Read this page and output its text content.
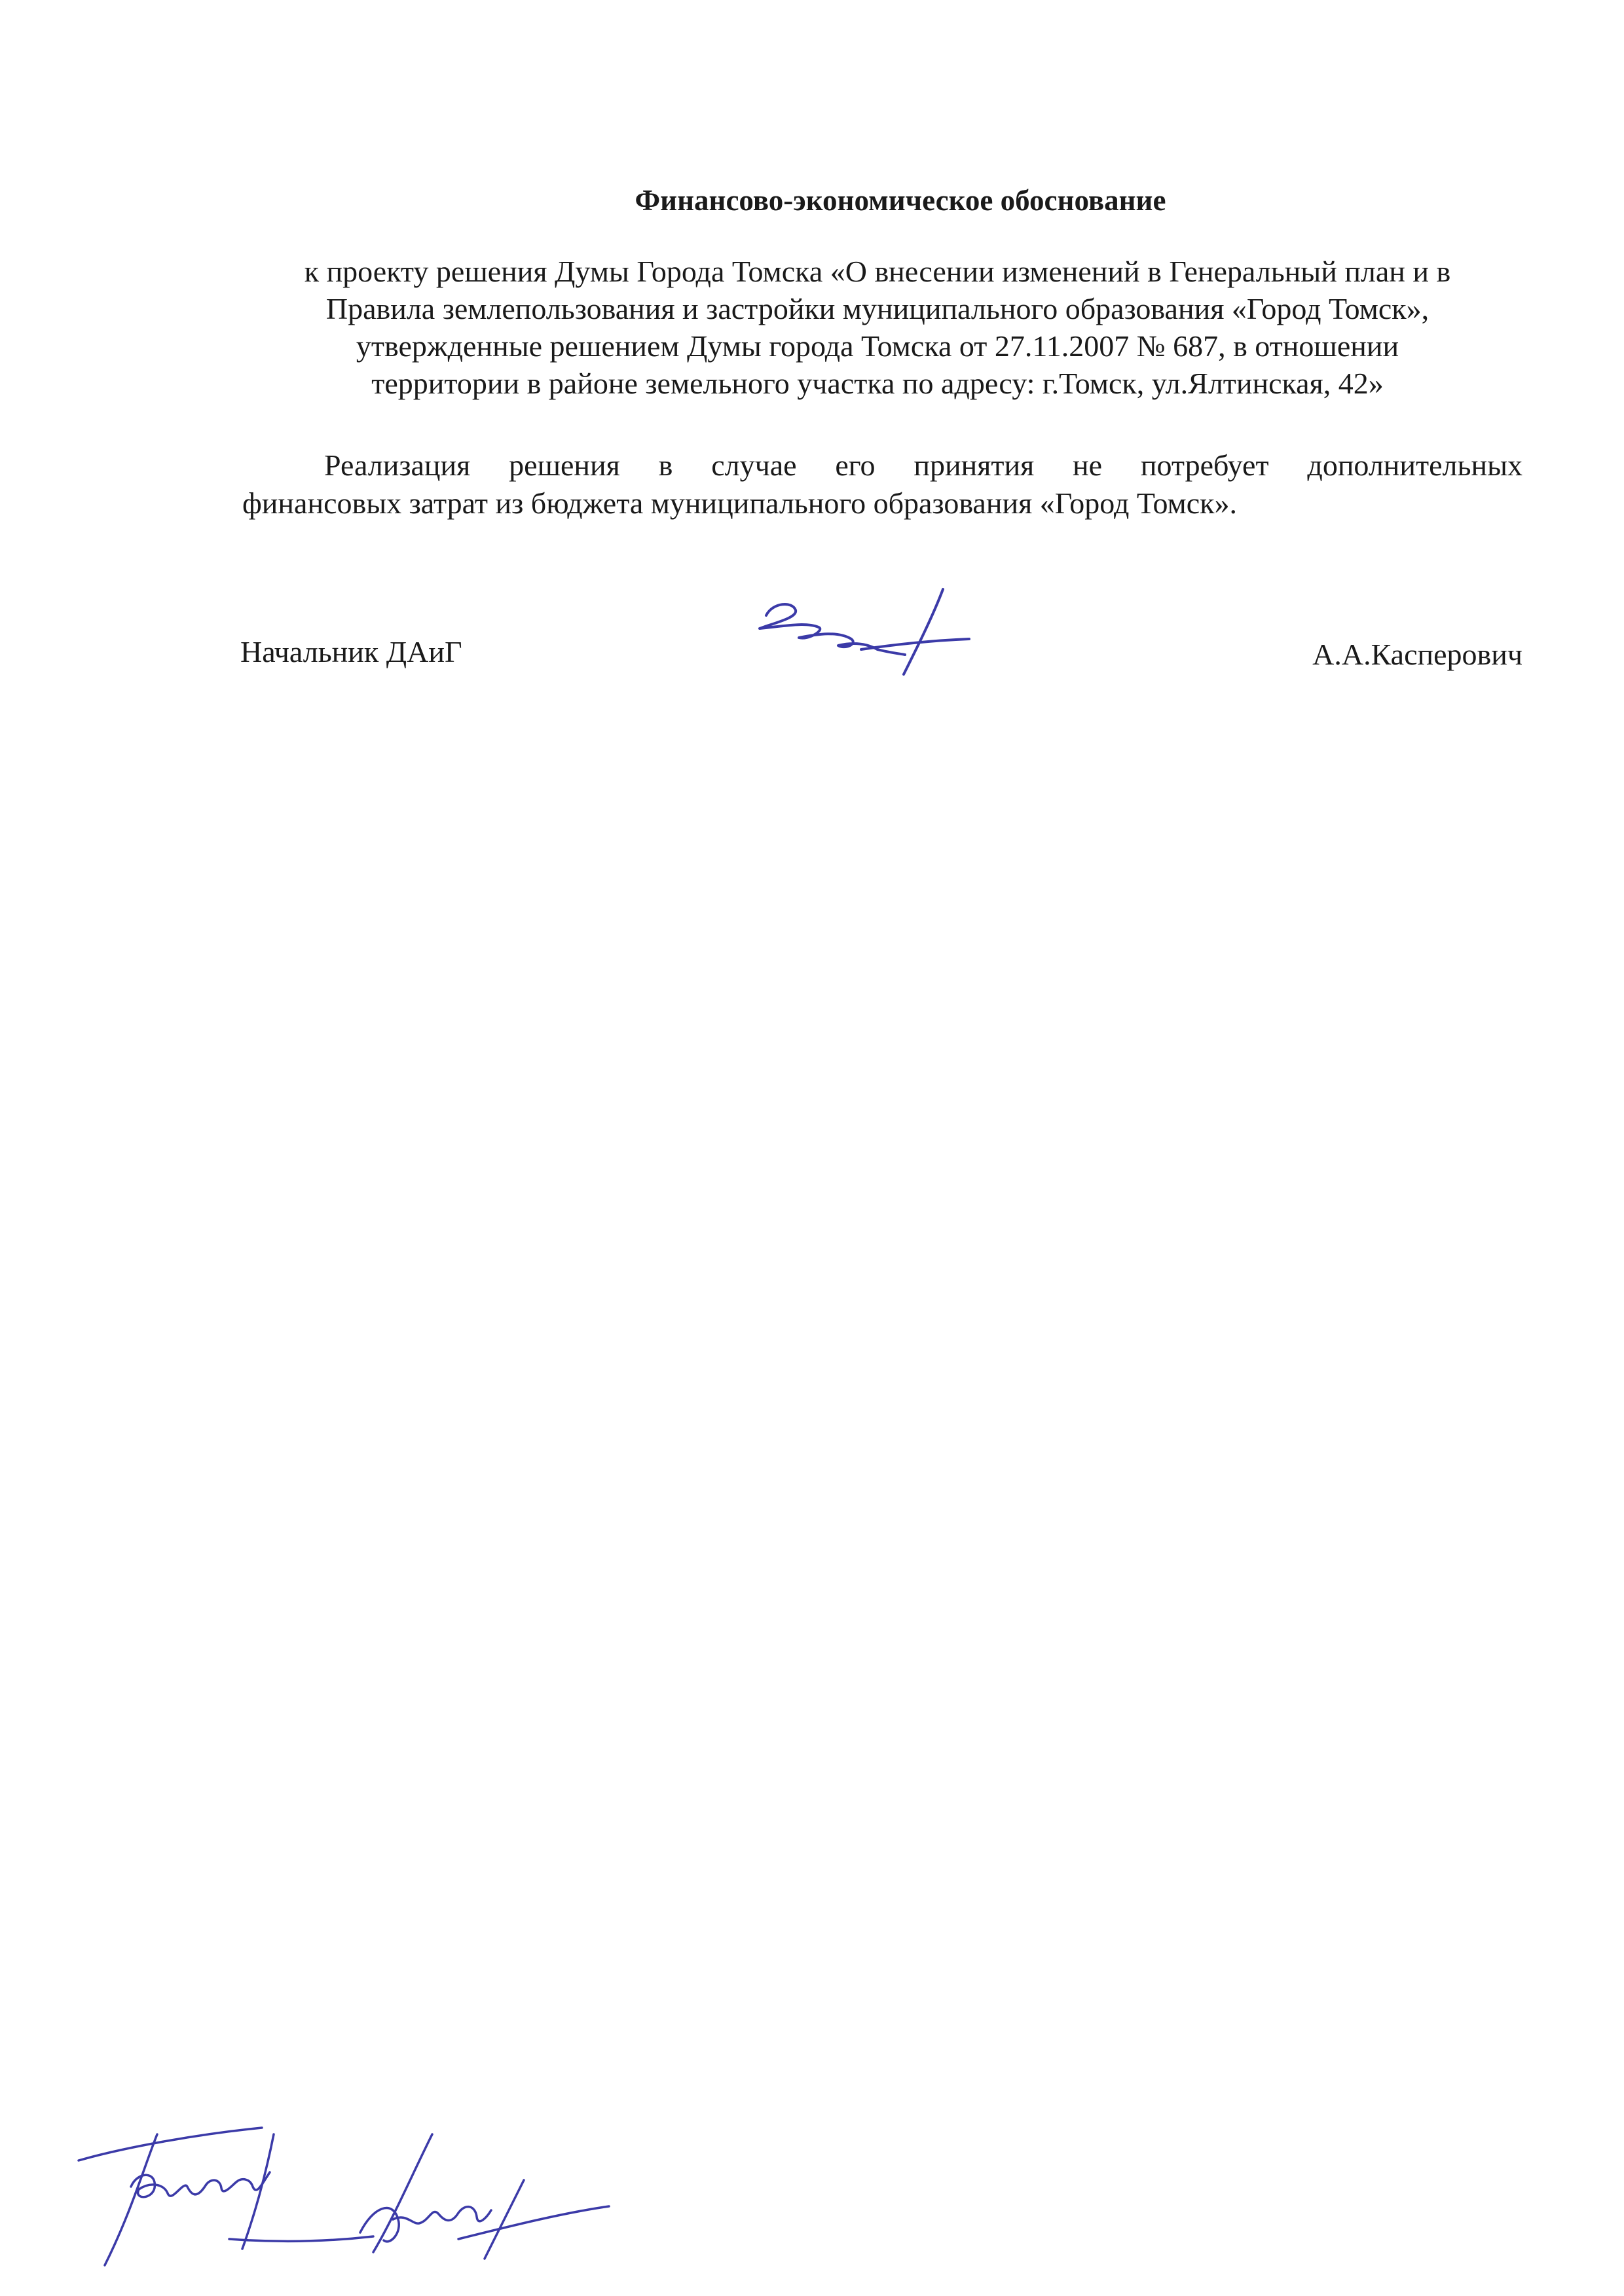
Финансово-экономическое обоснование
к проекту решения Думы Города Томска «О внесении изменений в Генеральный план и в
Правила землепользования и застройки муниципального образования «Город Томск»,
утвержденные решением Думы города Томска от 27.11.2007 № 687, в отношении
территории в районе земельного участка по адресу: г.Томск, ул.Ялтинская, 42»
Реализация решения в случае его принятия не потребует дополнительных
финансовых затрат из бюджета муниципального образования «Город Томск».
Начальник ДАиГ	А.А.Касперович
